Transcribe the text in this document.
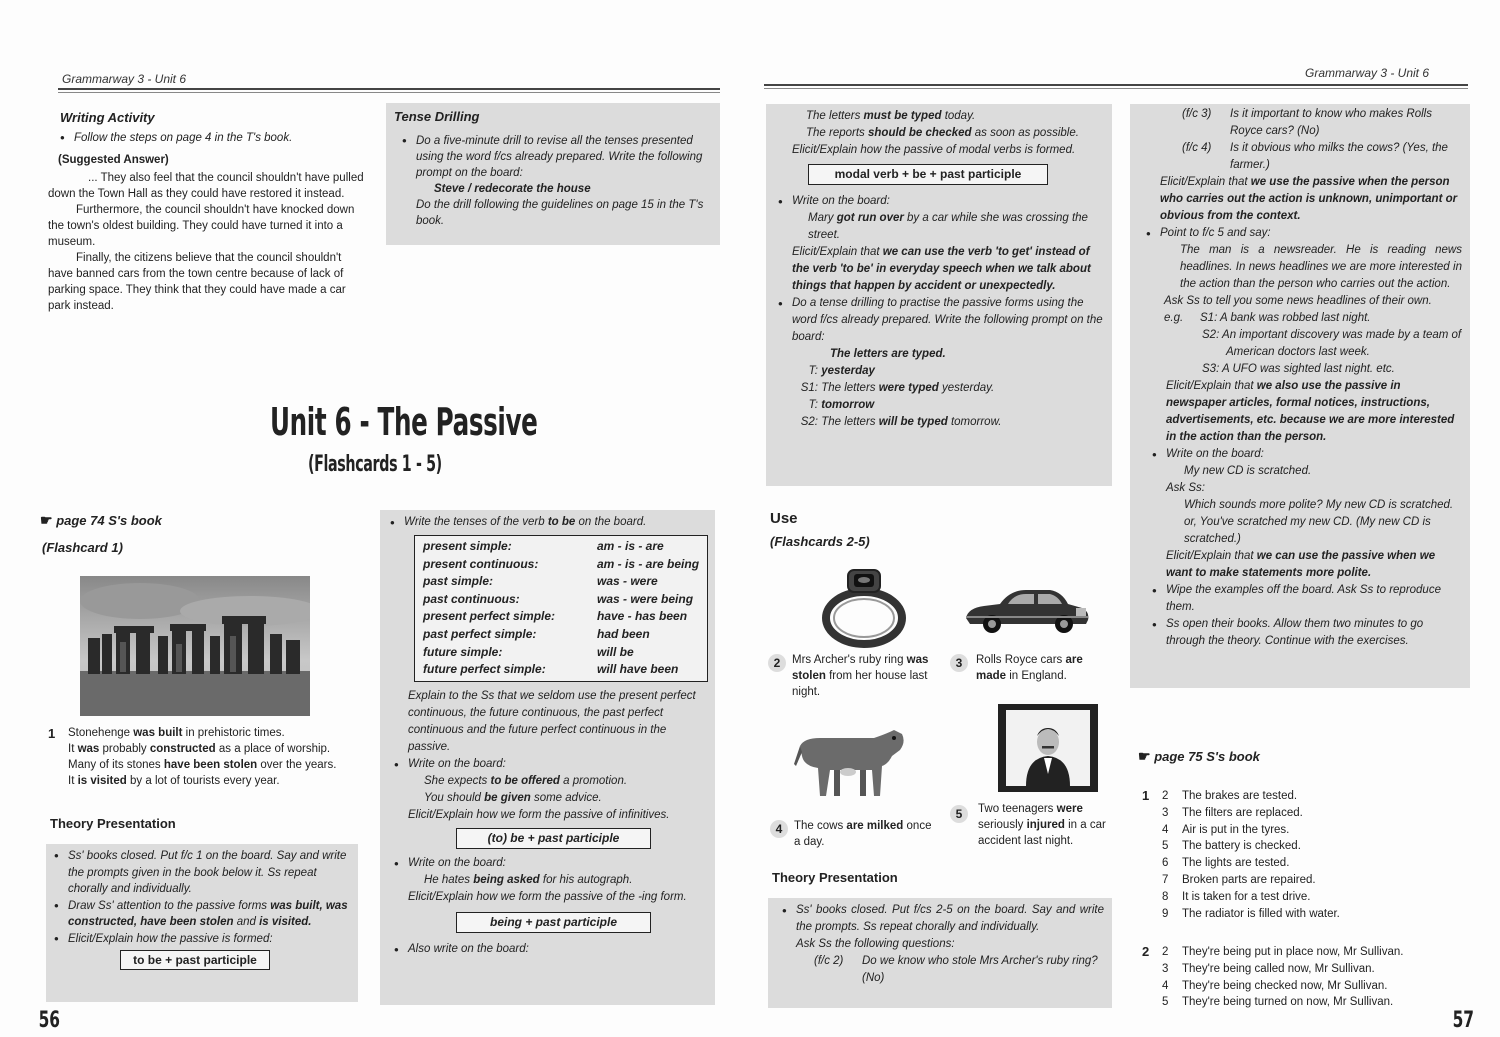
Grammarway 3 - Unit 6
Writing Activity
• Follow the steps on page 4 in the T's book.
(Suggested Answer)
... They also feel that the council shouldn't have pulled down the Town Hall as they could have restored it instead.
Furthermore, the council shouldn't have knocked down the town's oldest building. They could have turned it into a museum.
Finally, the citizens believe that the council shouldn't have banned cars from the town centre because of lack of parking space. They think that they could have made a car park instead.
Tense Drilling
• Do a five-minute drill to revise all the tenses presented using the word f/cs already prepared. Write the following prompt on the board:
Steve / redecorate the house
Do the drill following the guidelines on page 15 in the T's book.
Unit 6 - The Passive
(Flashcards 1 - 5)
☛ page 74 S's book
(Flashcard 1)
1 Stonehenge was built in prehistoric times.
It was probably constructed as a place of worship.
Many of its stones have been stolen over the years.
It is visited by a lot of tourists every year.
Theory Presentation
• Ss' books closed. Put f/c 1 on the board. Say and write the prompts given in the book below it. Ss repeat chorally and individually.
• Draw Ss' attention to the passive forms was built, was constructed, have been stolen and is visited.
• Elicit/Explain how the passive is formed:
to be + past participle
• Write the tenses of the verb to be on the board.
present simple:	am - is - are
present continuous:	am - is - are being
past simple:	was - were
past continuous:	was - were being
present perfect simple:	have - has been
past perfect simple:	had been
future simple:	will be
future perfect simple:	will have been
Explain to the Ss that we seldom use the present perfect continuous, the future continuous, the past perfect continuous and the future perfect continuous in the passive.
• Write on the board:
She expects to be offered a promotion.
You should be given some advice.
Elicit/Explain how we form the passive of infinitives.
(to) be + past participle
• Write on the board:
He hates being asked for his autograph.
Elicit/Explain how we form the passive of the -ing form.
being + past participle
• Also write on the board:
56
Grammarway 3 - Unit 6
The letters must be typed today.
The reports should be checked as soon as possible.
Elicit/Explain how the passive of modal verbs is formed.
modal verb + be + past participle
• Write on the board:
Mary got run over by a car while she was crossing the street.
Elicit/Explain that we can use the verb 'to get' instead of the verb 'to be' in everyday speech when we talk about things that happen by accident or unexpectedly.
• Do a tense drilling to practise the passive forms using the word f/cs already prepared. Write the following prompt on the board:
The letters are typed.
T: yesterday
S1: The letters were typed yesterday.
T: tomorrow
S2: The letters will be typed tomorrow.
Use
(Flashcards 2-5)
2	Mrs Archer's ruby ring was stolen from her house last night.
3	Rolls Royce cars are made in England.
4	The cows are milked once a day.
5	Two teenagers were seriously injured in a car accident last night.
Theory Presentation
• Ss' books closed. Put f/cs 2-5 on the board. Say and write the prompts. Ss repeat chorally and individually.
Ask Ss the following questions:
(f/c 2)	Do we know who stole Mrs Archer's ruby ring? (No)
(f/c 3) Is it important to know who makes Rolls Royce cars? (No)
(f/c 4) Is it obvious who milks the cows? (Yes, the farmer.)
Elicit/Explain that we use the passive when the person who carries out the action is unknown, unimportant or obvious from the context.
• Point to f/c 5 and say:
The man is a newsreader. He is reading news headlines. In news headlines we are more interested in the action than the person who carries out the action.
Ask Ss to tell you some news headlines of their own.
e.g. S1: A bank was robbed last night.
S2: An important discovery was made by a team of American doctors last week.
S3: A UFO was sighted last night. etc.
Elicit/Explain that we also use the passive in newspaper articles, formal notices, instructions, advertisements, etc. because we are more interested in the action than the person.
• Write on the board:
My new CD is scratched.
Ask Ss:
Which sounds more polite? My new CD is scratched. or, You've scratched my new CD. (My new CD is scratched.)
Elicit/Explain that we can use the passive when we want to make statements more polite.
• Wipe the examples off the board. Ask Ss to reproduce them.
• Ss open their books. Allow them two minutes to go through the theory. Continue with the exercises.
☛ page 75 S's book
1 2 The brakes are tested.
3 The filters are replaced.
4 Air is put in the tyres.
5 The battery is checked.
6 The lights are tested.
7 Broken parts are repaired.
8 It is taken for a test drive.
9 The radiator is filled with water.
2 2 They're being put in place now, Mr Sullivan.
3 They're being called now, Mr Sullivan.
4 They're being checked now, Mr Sullivan.
5 They're being turned on now, Mr Sullivan.
57
